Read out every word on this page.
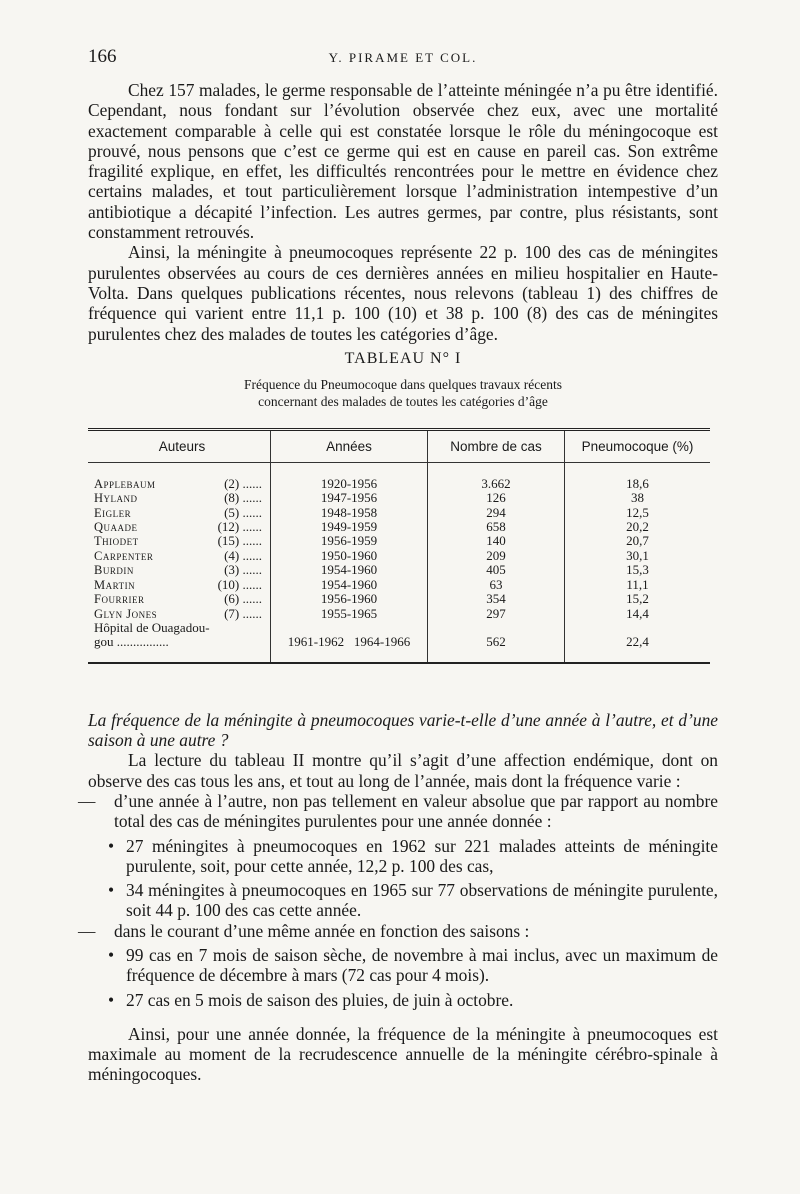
166	Y. PIRAME ET COL.

Chez 157 malades, le germe responsable de l’atteinte méningée n’a pu être identifié. Cependant, nous fondant sur l’évolution observée chez eux, avec une mortalité exactement comparable à celle qui est constatée lorsque le rôle du méningocoque est prouvé, nous pensons que c’est ce germe qui est en cause en pareil cas. Son extrême fragilité explique, en effet, les difficultés rencontrées pour le mettre en évidence chez certains malades, et tout particulièrement lorsque l’administration intempestive d’un antibiotique a décapité l’infection. Les autres germes, par contre, plus résistants, sont constamment retrouvés.

Ainsi, la méningite à pneumocoques représente 22 p. 100 des cas de méningites purulentes observées au cours de ces dernières années en milieu hospitalier en Haute-Volta. Dans quelques publications récentes, nous relevons (tableau 1) des chiffres de fréquence qui varient entre 11,1 p. 100 (10) et 38 p. 100 (8) des cas de méningites purulentes chez des malades de toutes les catégories d’âge.

TABLEAU N° I
Fréquence du Pneumocoque dans quelques travaux récents
concernant des malades de toutes les catégories d’âge
Auteurs	Années	Nombre de cas	Pneumocoque (%)

Applebaum (2) ......	1920-1956	3.662	18,6

Hyland (8) ......	1947-1956	126	38

Eigler (5) ......	1948-1958	294	12,5

Quaade (12) ......	1949-1959	658	20,2

Thiodet (15) ......	1956-1959	140	20,7

Carpenter (4) ......	1950-1960	209	30,1

Burdin (3) ......	1954-1960	405	15,3

Martin (10) ......	1954-1960	63	11,1

Fourrier (6) ......	1956-1960	354	15,2

Glyn Jones (7) ......	1955-1965	297	14,4

Hôpital de Ouagadou-
gou ................	1961-1962   1964-1966	562	22,4

La fréquence de la méningite à pneumocoques varie-t-elle d’une année à l’autre, et d’une saison à une autre ?

La lecture du tableau II montre qu’il s’agit d’une affection endémique, dont on observe des cas tous les ans, et tout au long de l’année, mais dont la fréquence varie :

— d’une année à l’autre, non pas tellement en valeur absolue que par rapport au nombre total des cas de méningites purulentes pour une année donnée :

• 27 méningites à pneumocoques en 1962 sur 221 malades atteints de méningite purulente, soit, pour cette année, 12,2 p. 100 des cas,

• 34 méningites à pneumocoques en 1965 sur 77 observations de méningite purulente, soit 44 p. 100 des cas cette année.

— dans le courant d’une même année en fonction des saisons :

• 99 cas en 7 mois de saison sèche, de novembre à mai inclus, avec un maximum de fréquence de décembre à mars (72 cas pour 4 mois).

• 27 cas en 5 mois de saison des pluies, de juin à octobre.

Ainsi, pour une année donnée, la fréquence de la méningite à pneumocoques est maximale au moment de la recrudescence annuelle de la méningite cérébro-spinale à méningocoques.
